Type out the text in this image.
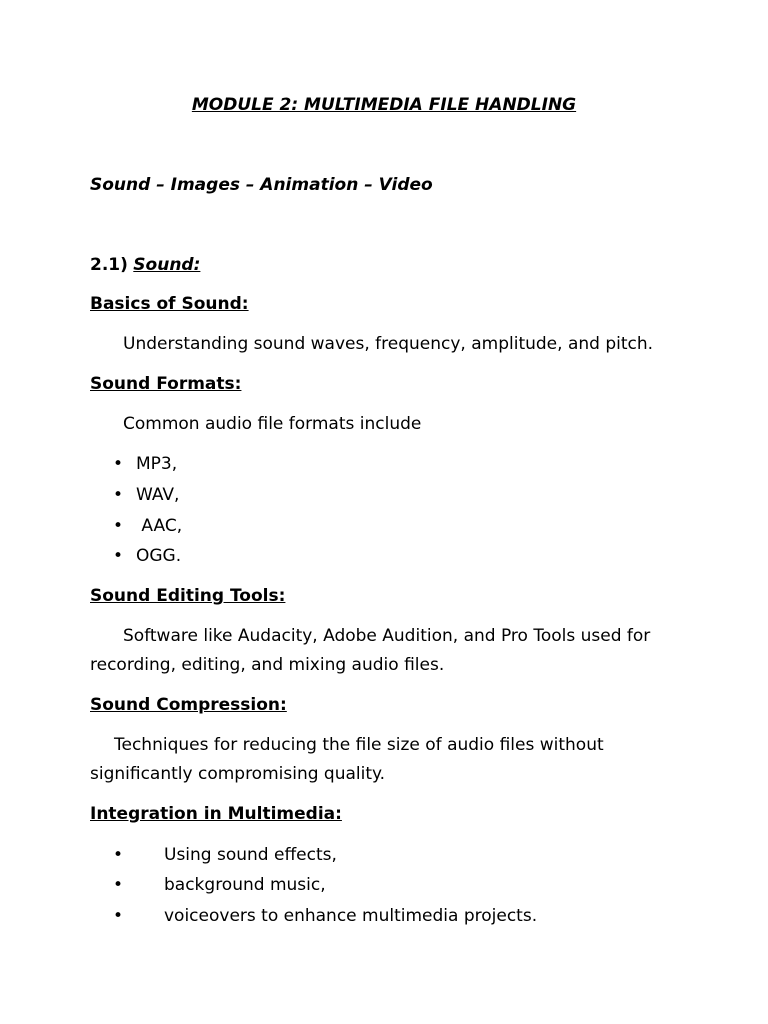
MODULE 2: MULTIMEDIA FILE HANDLING
Sound – Images – Animation – Video
2.1) Sound:
Basics of Sound:
Understanding sound waves, frequency, amplitude, and pitch.
Sound Formats:
Common audio file formats include
• MP3,
• WAV,
• AAC,
• OGG.
Sound Editing Tools:
Software like Audacity, Adobe Audition, and Pro Tools used for recording, editing, and mixing audio files.
Sound Compression:
Techniques for reducing the file size of audio files without significantly compromising quality.
Integration in Multimedia:
• Using sound effects,
• background music,
• voiceovers to enhance multimedia projects.
